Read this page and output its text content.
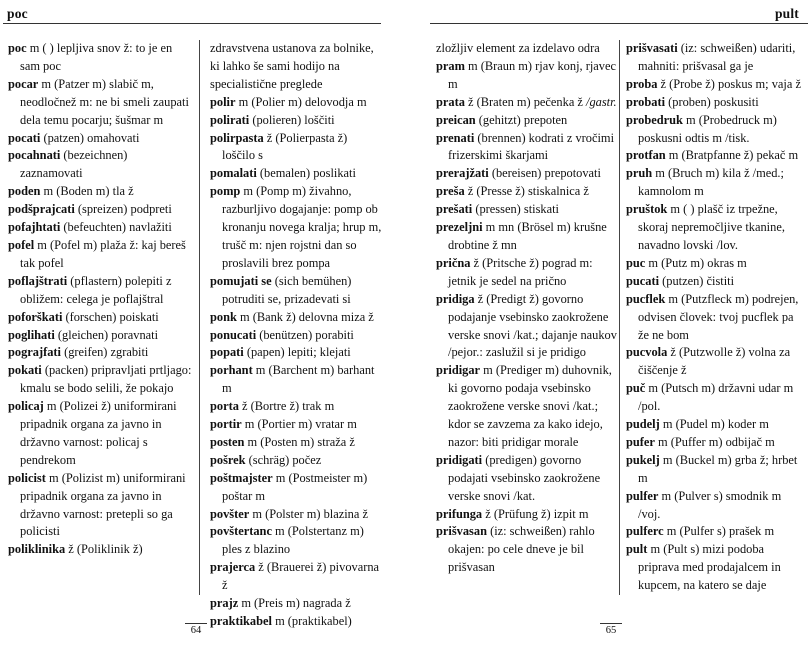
poc
poc m ( ) lepljiva snov ž: to je en sam poc
pocar m (Patzer m) slabič m, neodločnež m: ne bi smeli zaupati dela temu pocarju; šušmar m
pocati (patzen) omahovati
pocahnati (bezeichnen) zaznamovati
poden m (Boden m) tla ž
podšprajcati (spreizen) podpreti
pofajhtati (befeuchten) navlažiti
pofel m (Pofel m) plaža ž: kaj bereš tak pofel
poflajštrati (pflastern) polepiti z obližem: celega je poflajštral
poforškati (forschen) poiskati
poglihati (gleichen) poravnati
pograjfati (greifen) zgrabiti
pokati (packen) pripravljati prtljago: kmalu se bodo selili, že pokajo
policaj m (Polizei ž) uniformirani pripadnik organa za javno in državno varnost: policaj s pendrekom
policist m (Polizist m) uniformirani pripadnik organa za javno in državno varnost: pretepli so ga policisti
poliklinika ž (Poliklinik ž)
zdravstvena ustanova za bolnike, ki lahko še sami hodijo na specialistične preglede
polir m (Polier m) delovodja m
polirati (polieren) loščiti
polirpasta ž (Polierpasta ž) loščilo s
pomalati (bemalen) poslikati
pomp m (Pomp m) živahno, razburljivo dogajanje: pomp ob kronanju novega kralja; hrup m, trušč m: njen rojstni dan so proslavili brez pompa
pomujati se (sich bemühen) potruditi se, prizadevati si
ponk m (Bank ž) delovna miza ž
ponucati (benützen) porabiti
popati (papen) lepiti; klejati
porhant m (Barchent m) barhant m
porta ž (Bortre ž) trak m
portir m (Portier m) vratar m
posten m (Posten m) straža ž
pošrek (schräg) počez
poštmajster m (Postmeister m) poštar m
povšter m (Polster m) blazina ž
povštertanc m (Polstertanz m) ples z blazino
prajerca ž (Brauerei ž) pivovarna ž
prajz m (Preis m) nagrada ž
praktikabel m (praktikabel)
64
pult
zložljiv element za izdelavo odra
pram m (Braun m) rjav konj, rjavec m
prata ž (Braten m) pečenka ž /gastr.
preican (gehitzt) prepoten
prenati (brennen) kodrati z vročimi frizerskimi škarjami
prerajžati (bereisen) prepotovati
preša ž (Presse ž) stiskalnica ž
prešati (pressen) stiskati
prezeljni m mn (Brösel m) krušne drobtine ž mn
prična ž (Pritsche ž) pograd m: jetnik je sedel na pričnо
pridiga ž (Predigt ž) govorno podajanje vsebinsko zaokrožene verske snovi /kat.; dajanje naukov /pejor.: zaslužil si je pridigo
pridigar m (Prediger m) duhovnik, ki govorno podaja vsebinsko zaokrožene verske snovi /kat.; kdor se zavzema za kako idejo, nazor: biti pridigar morale
pridigati (predigen) govorno podajati vsebinsko zaokrožene verske snovi /kat.
prifunga ž (Prüfung ž) izpit m
prišvasan (iz: schweißen) rahlo okajen: po cele dneve je bil prišvasan
prišvasati (iz: schweißen) udariti, mahniti: prišvasal ga je
proba ž (Probe ž) poskus m; vaja ž
probati (proben) poskusiti
probedruk m (Probedruck m) poskusni odtis m /tisk.
protfan m (Bratpfanne ž) pekač m
pruh m (Bruch m) kila ž /med.; kamnolom m
pruštok m ( ) plašč iz trpežne, skoraj nepremočljive tkanine, navadno lovski /lov.
puc m (Putz m) okras m
pucati (putzen) čistiti
pucflek m (Putzfleck m) podrejen, odvisen človek: tvoj pucflek pa že ne bom
pucvola ž (Putzwolle ž) volna za čiščenje ž
puč m (Putsch m) državni udar m /pol.
pudelj m (Pudel m) koder m
pufer m (Puffer m) odbijač m
pukelj m (Buckel m) grba ž; hrbet m
pulfer m (Pulver s) smodnik m /voj.
pulferc m (Pulfer s) prašek m
pult m (Pult s) mizi podoba priprava med prodajalcem in kupcem, na katero se daje
65
